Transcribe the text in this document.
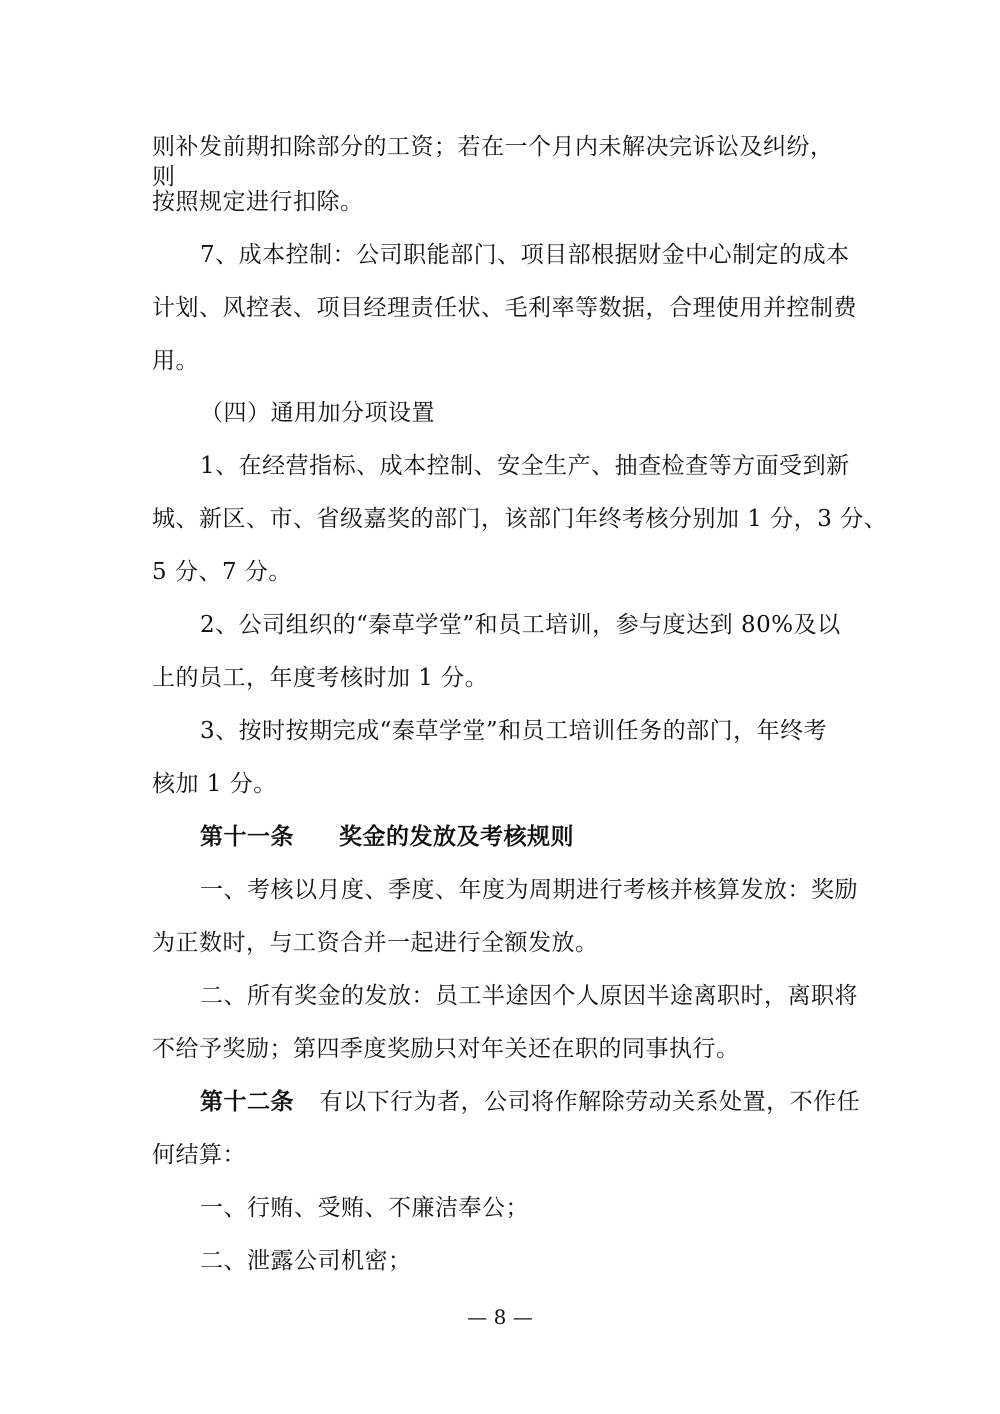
则补发前期扣除部分的工资；若在一个月内未解决完诉讼及纠纷，则
按照规定进行扣除。
7、成本控制：公司职能部门、项目部根据财金中心制定的成本
计划、风控表、项目经理责任状、毛利率等数据，合理使用并控制费
用。
（四）通用加分项设置
1、在经营指标、成本控制、安全生产、抽查检查等方面受到新
城、新区、市、省级嘉奖的部门，该部门年终考核分别加 1 分，3 分、
5 分、7 分。
2、公司组织的“秦草学堂”和员工培训，参与度达到 80%及以
上的员工，年度考核时加 1 分。
3、按时按期完成“秦草学堂”和员工培训任务的部门，年终考
核加 1 分。
第十一条 奖金的发放及考核规则
一、考核以月度、季度、年度为周期进行考核并核算发放：奖励
为正数时，与工资合并一起进行全额发放。
二、所有奖金的发放：员工半途因个人原因半途离职时，离职将
不给予奖励；第四季度奖励只对年关还在职的同事执行。
第十二条 有以下行为者，公司将作解除劳动关系处置，不作任
何结算：
一、行贿、受贿、不廉洁奉公；
二、泄露公司机密；
— 8 —
